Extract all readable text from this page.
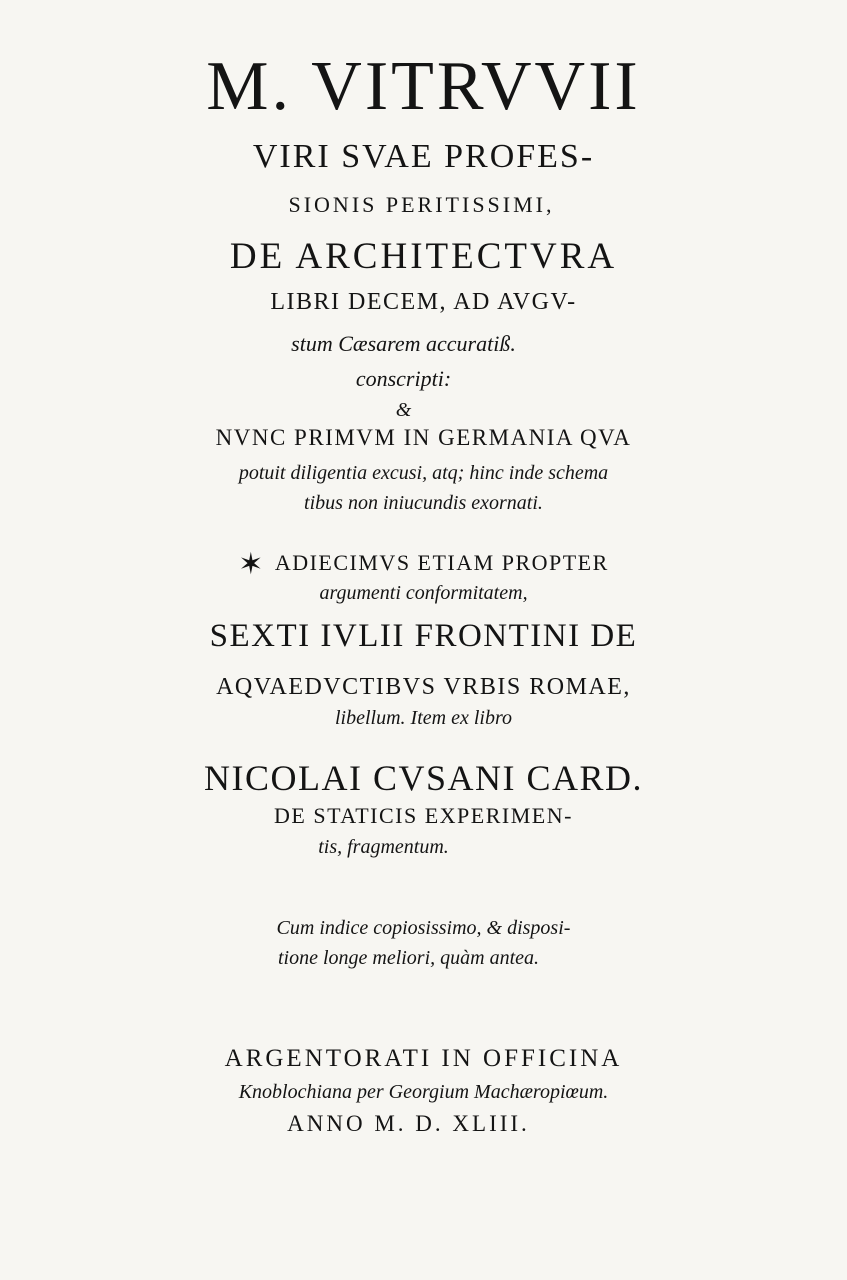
M. VITRVVII

VIRI SVAE PROFES-

SIONIS PERITISSIMI,

DE ARCHITECTVRA

LIBRI DECEM, AD AVGV-

stum Cæsarem accuratiß.

conscripti:

&

NVNC PRIMVM IN GERMANIA QVA

potuit diligentia excusi, atq; hinc inde schema

tibus non iniucundis exornati.

✶ ADIECIMVS ETIAM PROPTER

argumenti conformitatem,

SEXTI IVLII FRONTINI DE

AQVAEDVCTIBVS VRBIS ROMAE,

libellum. Item ex libro

NICOLAI CVSANI CARD.

DE STATICIS EXPERIMEN-

tis, fragmentum.

Cum indice copiosissimo, & disposi-

tione longe meliori, quàm antea.

ARGENTORATI IN OFFICINA

Knoblochiana per Georgium Machæropiœum.

ANNO M. D. XLIII.
